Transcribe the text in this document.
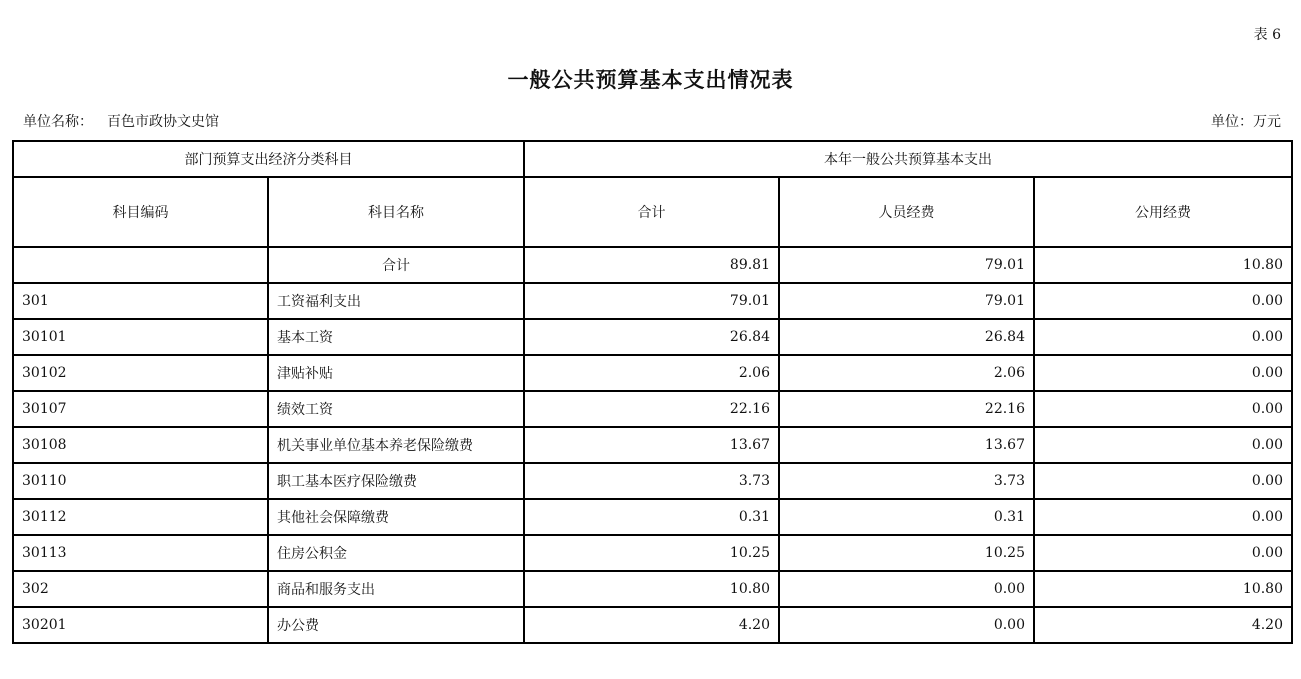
表 6
一般公共预算基本支出情况表
单位名称： 百色市政协文史馆	单位：万元
部门预算支出经济分类科目		本年一般公共预算基本支出		
科目编码	科目名称	合计	人员经费	公用经费
	合计	89.81	79.01	10.80
301	工资福利支出	79.01	79.01	0.00
30101	基本工资	26.84	26.84	0.00
30102	津贴补贴	2.06	2.06	0.00
30107	绩效工资	22.16	22.16	0.00
30108	机关事业单位基本养老保险缴费	13.67	13.67	0.00
30110	职工基本医疗保险缴费	3.73	3.73	0.00
30112	其他社会保障缴费	0.31	0.31	0.00
30113	住房公积金	10.25	10.25	0.00
302	商品和服务支出	10.80	0.00	10.80
30201	办公费	4.20	0.00	4.20
